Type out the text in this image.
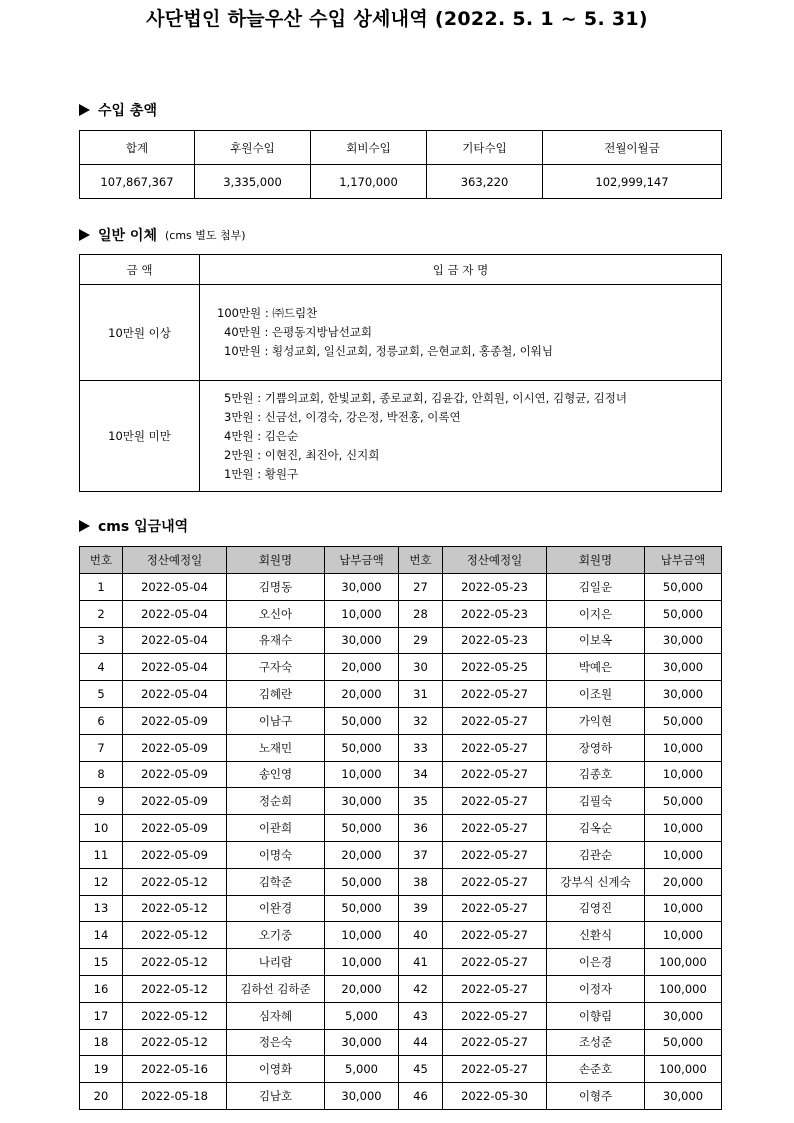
사단법인 하늘우산 수입 상세내역 (2022. 5. 1 ~ 5. 31)
수입 총액
합계	후원수입	회비수입	기타수입	전월이월금
107,867,367	3,335,000	1,170,000	363,220	102,999,147
일반 이체 (cms 별도 첨부)
금 액	입 금 자 명
10만원 이상	100만원 : ㈜드림찬
40만원 : 은평동지방남선교회
10만원 : 횡성교회, 일신교회, 정릉교회, 은현교회, 홍종철, 이워님

10만원 미만	5만원 : 기쁨의교회, 한빛교회, 종로교회, 김윤갑, 안희원, 이시연, 김형균, 김정녀
3만원 : 신금선, 이경숙, 강은정, 박전홍, 이록연
4만원 : 김은순
2만원 : 이현진, 최진아, 신지희
1만원 : 황원구
cms 입금내역
번호	정산예정일	회원명	납부금액	번호	정산예정일	회원명	납부금액
1	2022-05-04	김명동	30,000	27	2022-05-23	김일운	50,000
2	2022-05-04	오신아	10,000	28	2022-05-23	이지은	50,000
3	2022-05-04	유재수	30,000	29	2022-05-23	이보옥	30,000
4	2022-05-04	구자숙	20,000	30	2022-05-25	박예은	30,000
5	2022-05-04	김혜란	20,000	31	2022-05-27	이조원	30,000
6	2022-05-09	이남구	50,000	32	2022-05-27	가익현	50,000
7	2022-05-09	노재민	50,000	33	2022-05-27	장영하	10,000
8	2022-05-09	송인영	10,000	34	2022-05-27	김종호	10,000
9	2022-05-09	정순희	30,000	35	2022-05-27	김필숙	50,000
10	2022-05-09	이관희	50,000	36	2022-05-27	김옥순	10,000
11	2022-05-09	이명숙	20,000	37	2022-05-27	김관순	10,000
12	2022-05-12	김학준	50,000	38	2022-05-27	강부식 신계숙	20,000
13	2022-05-12	이완경	50,000	39	2022-05-27	김영진	10,000
14	2022-05-12	오기중	10,000	40	2022-05-27	신환식	10,000
15	2022-05-12	나리람	10,000	41	2022-05-27	이은경	100,000
16	2022-05-12	김하선 김하준	20,000	42	2022-05-27	이정자	100,000
17	2022-05-12	심자혜	5,000	43	2022-05-27	이향림	30,000
18	2022-05-12	정은숙	30,000	44	2022-05-27	조성준	50,000
19	2022-05-16	이영화	5,000	45	2022-05-27	손준호	100,000
20	2022-05-18	김남호	30,000	46	2022-05-30	이형주	30,000
